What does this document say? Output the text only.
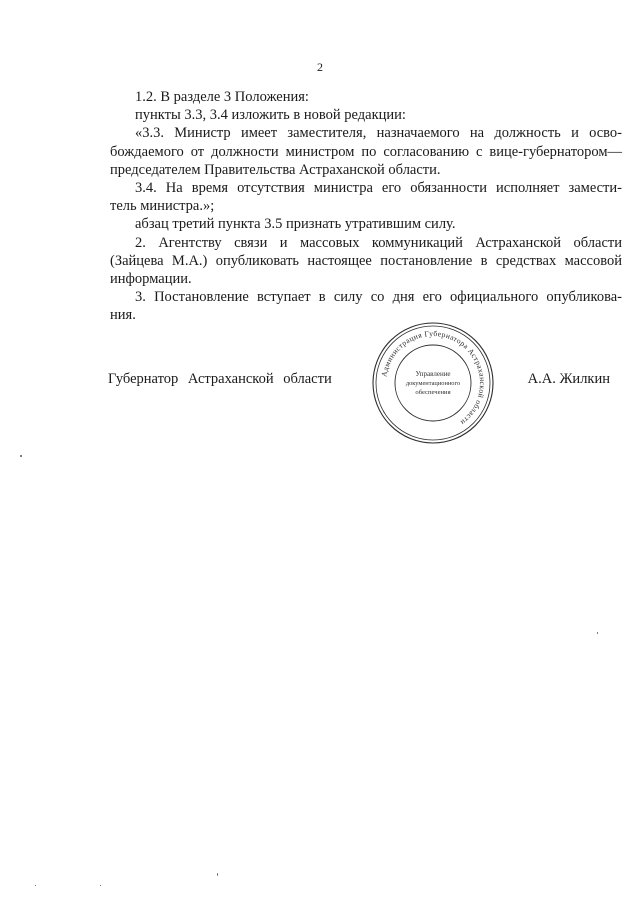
2

1.2. В разделе 3 Положения:

пункты 3.3, 3.4 изложить в новой редакции:

«3.3. Министр имеет заместителя, назначаемого на должность и осво-

бождаемого от должности министром по согласованию с вице-губернатором—

председателем Правительства Астраханской области.

3.4. На время отсутствия министра его обязанности исполняет замести-

тель министра.»;

абзац третий пункта 3.5 признать утратившим силу.

2. Агентству связи и массовых коммуникаций Астраханской области

(Зайцева М.А.) опубликовать настоящее постановление в средствах массовой

информации.

3. Постановление вступает в силу со дня его официального опубликова-

ния.

Губернатор Астраханской области	А.А. Жилкин
Администрация Губернатора Астраханской области
Управление
документационного
обеспечения
